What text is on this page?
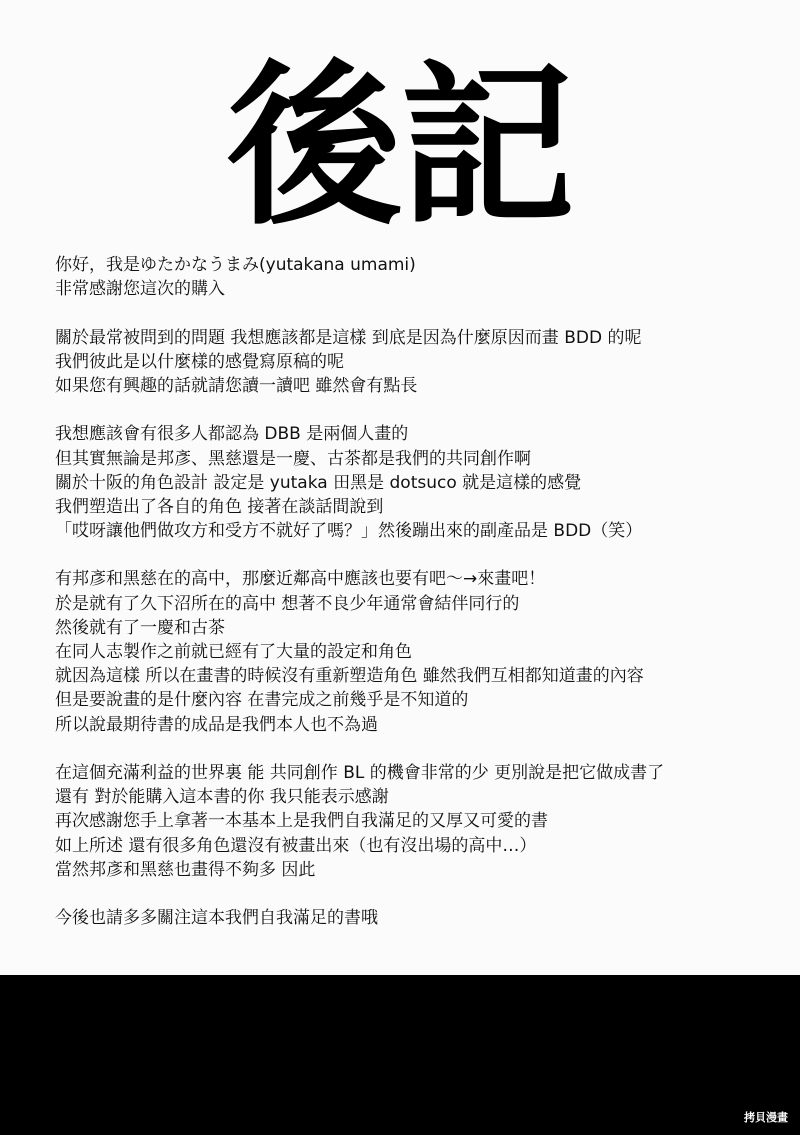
後記
你好，我是ゆたかなうまみ(yutakana umami)
非常感謝您這次的購入
關於最常被問到的問題 我想應該都是這樣 到底是因為什麼原因而畫 BDD 的呢
我們彼此是以什麼樣的感覺寫原稿的呢
如果您有興趣的話就請您讀一讀吧 雖然會有點長
我想應該會有很多人都認為 DBB 是兩個人畫的
但其實無論是邦彥、黑慈還是一慶、古茶都是我們的共同創作啊
關於十阪的角色設計 設定是 yutaka 田黑是 dotsuco 就是這樣的感覺
我們塑造出了各自的角色 接著在談話間說到
「哎呀讓他們做攻方和受方不就好了嗎？」然後蹦出來的副產品是 BDD（笑）
有邦彥和黑慈在的高中，那麼近鄰高中應該也要有吧～→來畫吧！
於是就有了久下沼所在的高中 想著不良少年通常會結伴同行的
然後就有了一慶和古茶
在同人志製作之前就已經有了大量的設定和角色
就因為這樣 所以在畫書的時候沒有重新塑造角色 雖然我們互相都知道畫的內容
但是要說畫的是什麼內容 在書完成之前幾乎是不知道的
所以說最期待書的成品是我們本人也不為過
在這個充滿利益的世界裏 能 共同創作 BL 的機會非常的少 更別說是把它做成書了
還有 對於能購入這本書的你 我只能表示感謝
再次感謝您手上拿著一本基本上是我們自我滿足的又厚又可愛的書
如上所述 還有很多角色還沒有被畫出來（也有沒出場的高中…）
當然邦彥和黑慈也畫得不夠多 因此
今後也請多多關注這本我們自我滿足的書哦
拷貝漫畫
